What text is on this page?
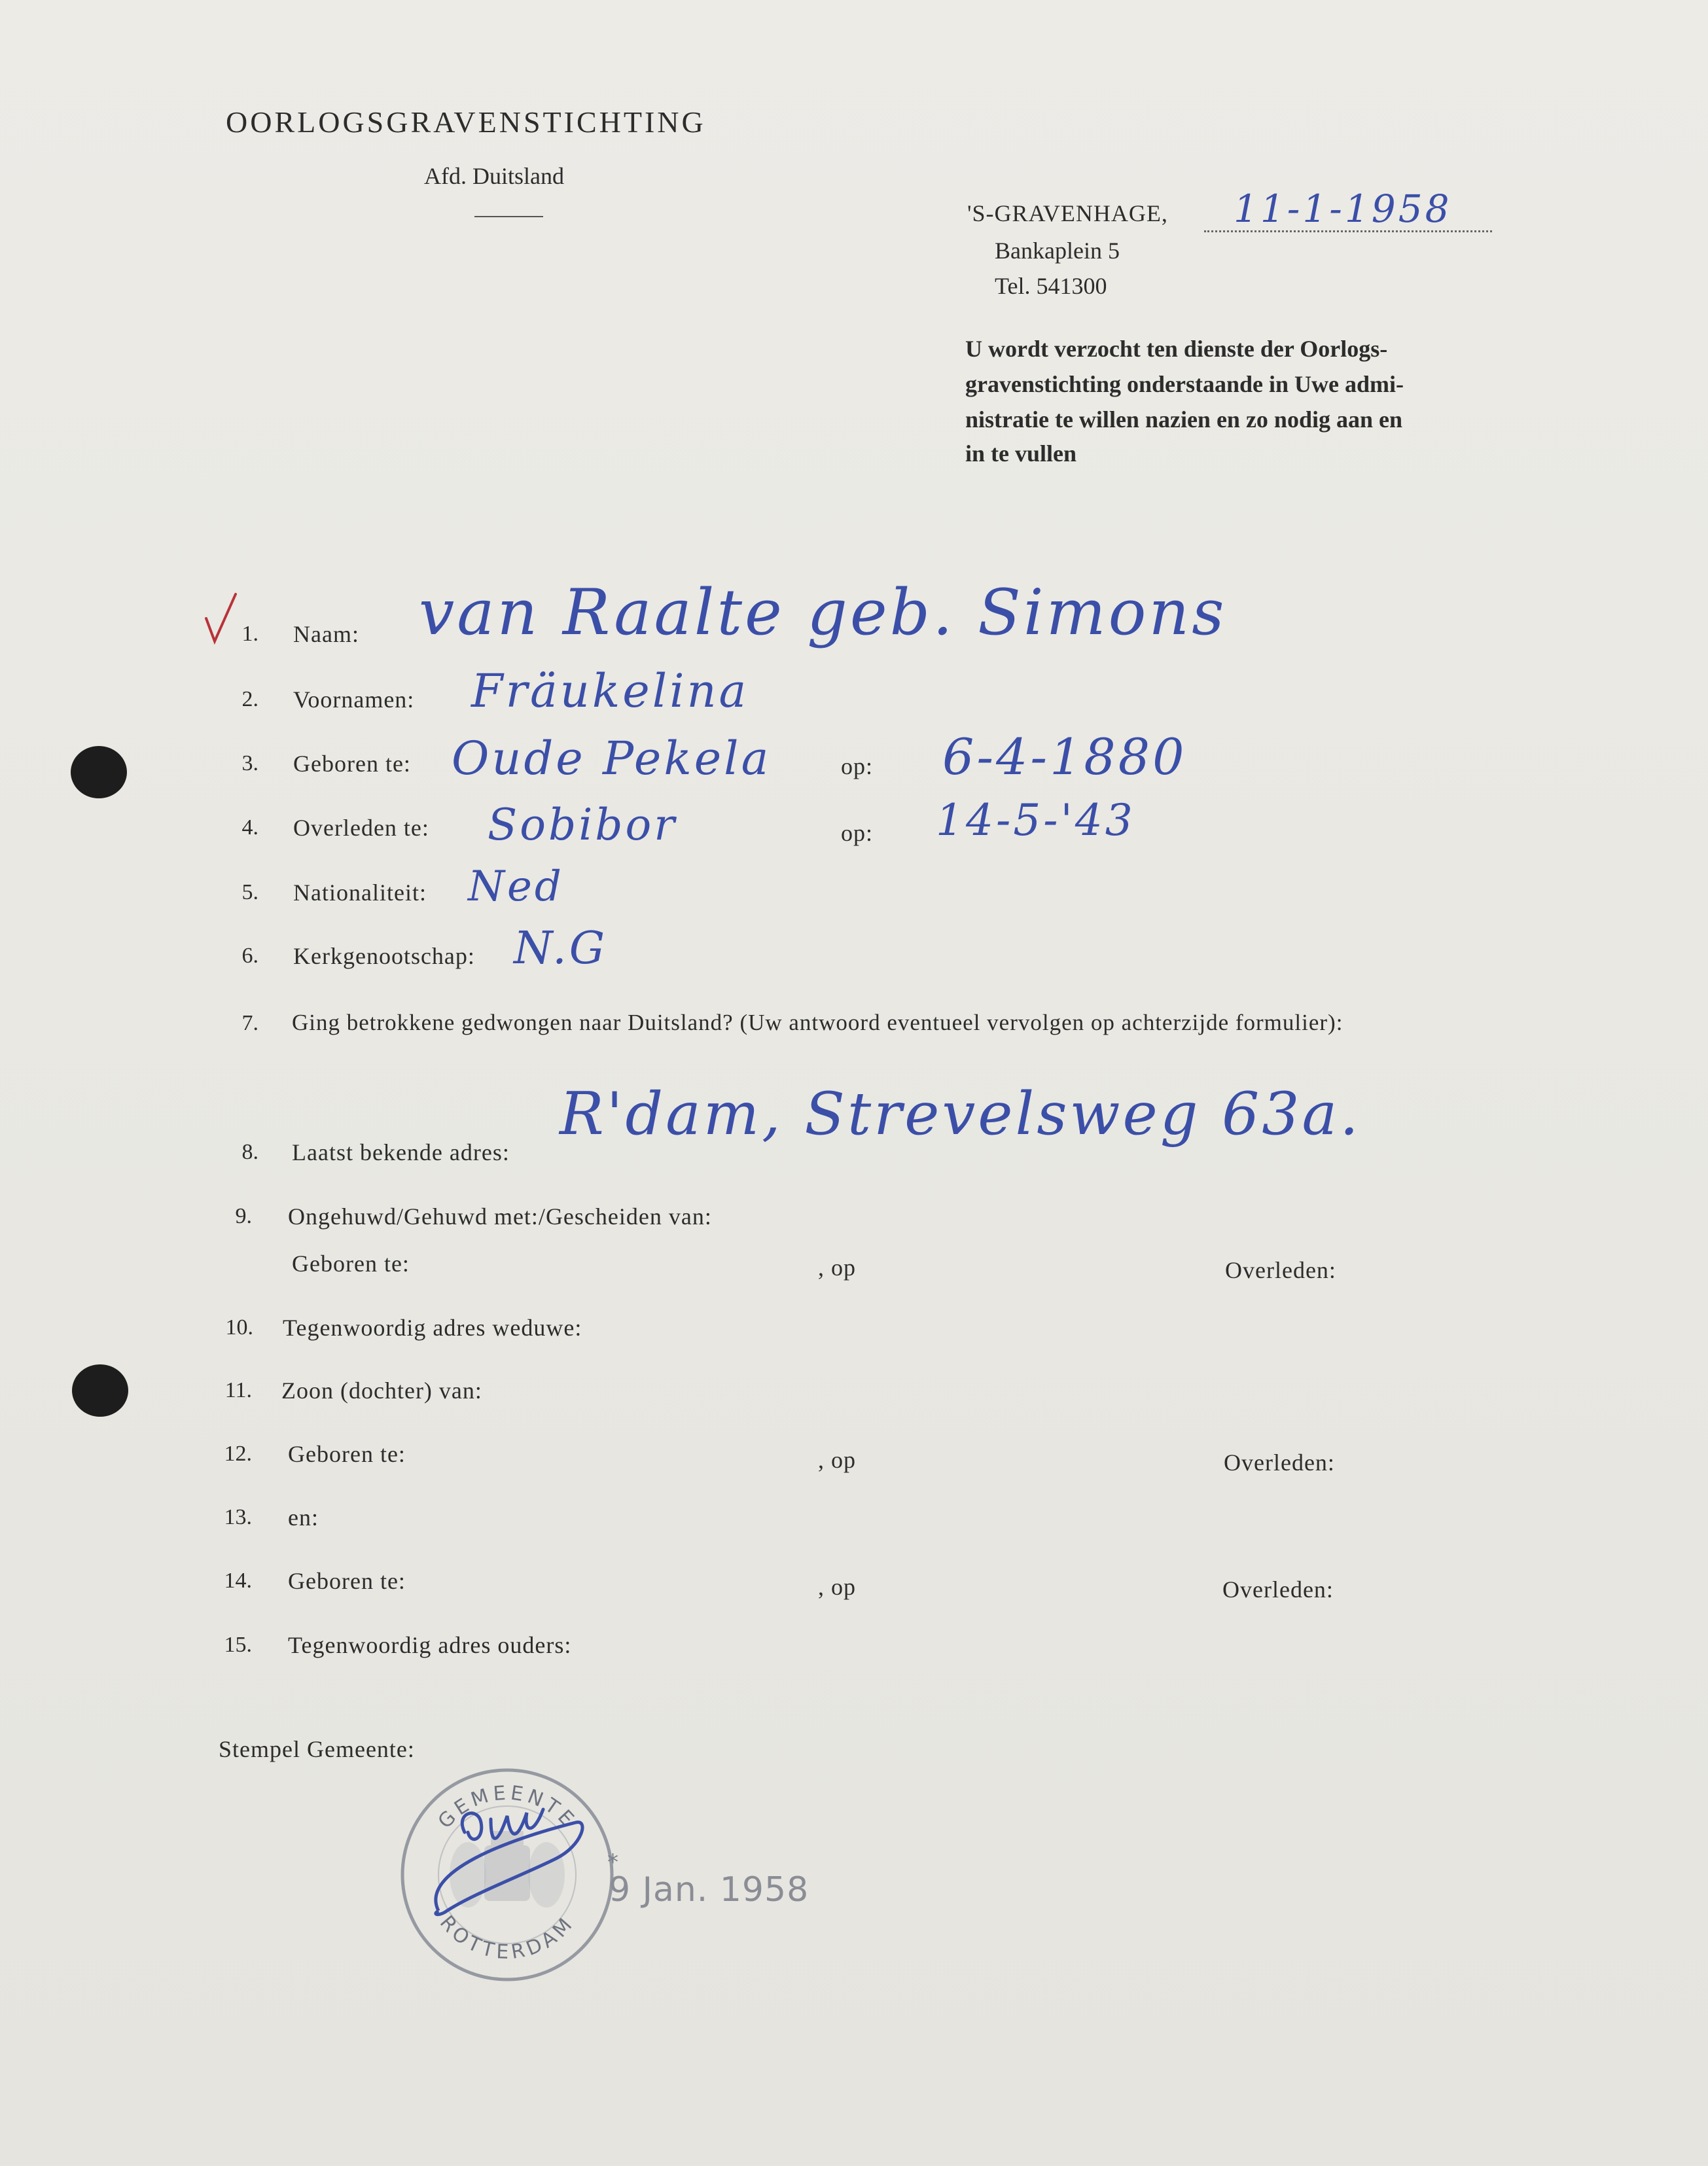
OORLOGSGRAVENSTICHTING
Afd. Duitsland
'S-GRAVENHAGE, 11-1-1958
Bankaplein 5
Tel. 541300
U wordt verzocht ten dienste der Oorlogs-
gravenstichting onderstaande in Uwe admi-
nistratie te willen nazien en zo nodig aan en
in te vullen
1. Naam: van Raalte geb. Simons
2. Voornamen: Fräukelina
3. Geboren te: Oude Pekela	op: 6-4-1880
4. Overleden te: Sobibor	op: 14-5-'43
5. Nationaliteit: Ned
6. Kerkgenootschap: N.G
7. Ging betrokkene gedwongen naar Duitsland? (Uw antwoord eventueel vervolgen op achterzijde formulier):
8. Laatst bekende adres:
R'dam, Strevelsweg 63a.
9. Ongehuwd/Gehuwd met:/Gescheiden van:
Geboren te:	, op	Overleden:
10. Tegenwoordig adres weduwe:
11. Zoon (dochter) van:
12. Geboren te:	, op	Overleden:
13. en:
14. Geboren te:	, op	Overleden:
15. Tegenwoordig adres ouders:
Stempel Gemeente:
GEMEENTE
ROTTERDAM
*
9 Jan. 1958
